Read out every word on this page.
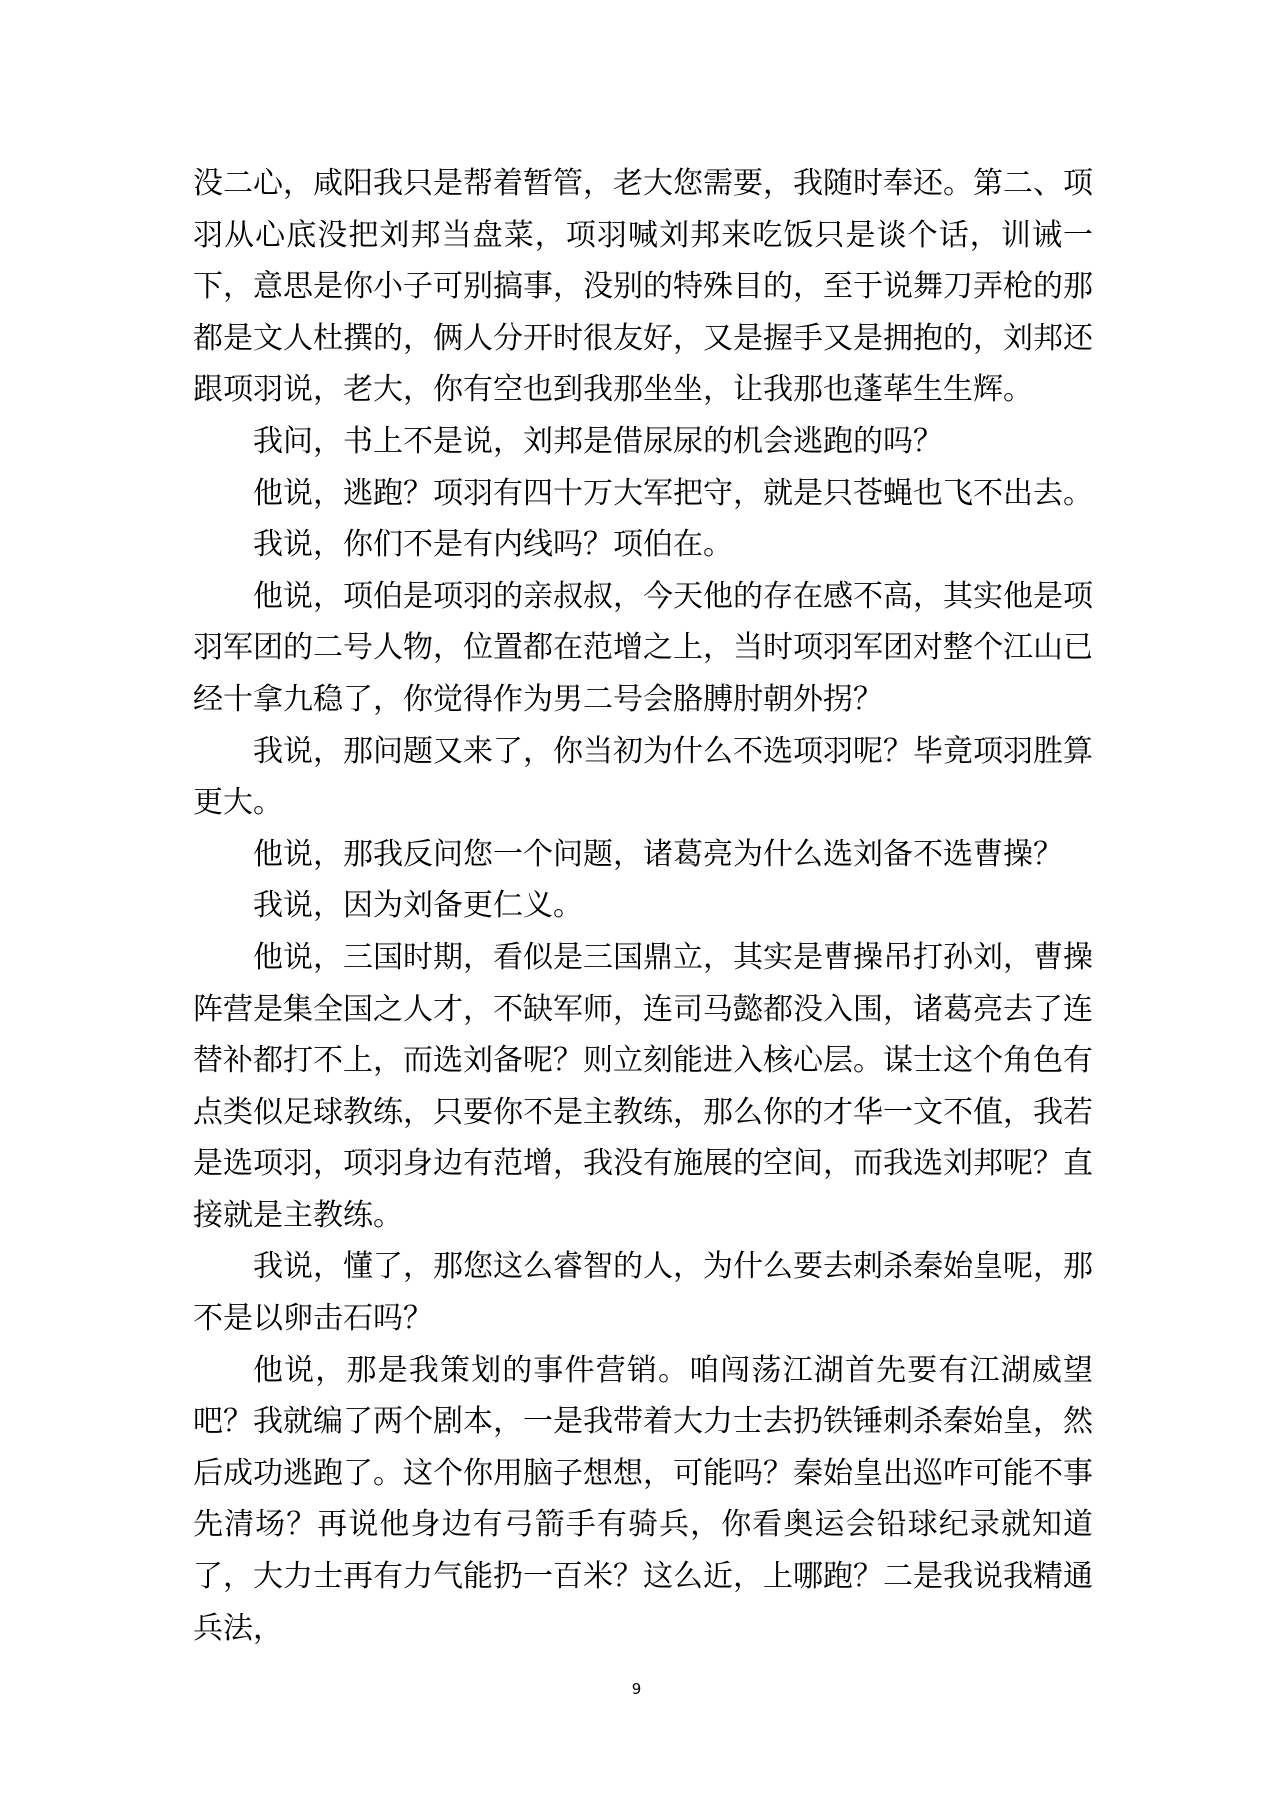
没二心，咸阳我只是帮着暂管，老大您需要，我随时奉还。第二、项羽从心底没把刘邦当盘菜，项羽喊刘邦来吃饭只是谈个话，训诫一下，意思是你小子可别搞事，没别的特殊目的，至于说舞刀弄枪的那都是文人杜撰的，俩人分开时很友好，又是握手又是拥抱的，刘邦还跟项羽说，老大，你有空也到我那坐坐，让我那也蓬荜生生辉。

我问，书上不是说，刘邦是借尿尿的机会逃跑的吗？

他说，逃跑？项羽有四十万大军把守，就是只苍蝇也飞不出去。

我说，你们不是有内线吗？项伯在。

他说，项伯是项羽的亲叔叔，今天他的存在感不高，其实他是项羽军团的二号人物，位置都在范增之上，当时项羽军团对整个江山已经十拿九稳了，你觉得作为男二号会胳膊肘朝外拐？

我说，那问题又来了，你当初为什么不选项羽呢？毕竟项羽胜算更大。

他说，那我反问您一个问题，诸葛亮为什么选刘备不选曹操？

我说，因为刘备更仁义。

他说，三国时期，看似是三国鼎立，其实是曹操吊打孙刘，曹操阵营是集全国之人才，不缺军师，连司马懿都没入围，诸葛亮去了连替补都打不上，而选刘备呢？则立刻能进入核心层。谋士这个角色有点类似足球教练，只要你不是主教练，那么你的才华一文不值，我若是选项羽，项羽身边有范增，我没有施展的空间，而我选刘邦呢？直接就是主教练。

我说，懂了，那您这么睿智的人，为什么要去刺杀秦始皇呢，那不是以卵击石吗？

他说，那是我策划的事件营销。咱闯荡江湖首先要有江湖威望吧？我就编了两个剧本，一是我带着大力士去扔铁锤刺杀秦始皇，然后成功逃跑了。这个你用脑子想想，可能吗？秦始皇出巡咋可能不事先清场？再说他身边有弓箭手有骑兵，你看奥运会铅球纪录就知道了，大力士再有力气能扔一百米？这么近，上哪跑？二是我说我精通兵法，

9
